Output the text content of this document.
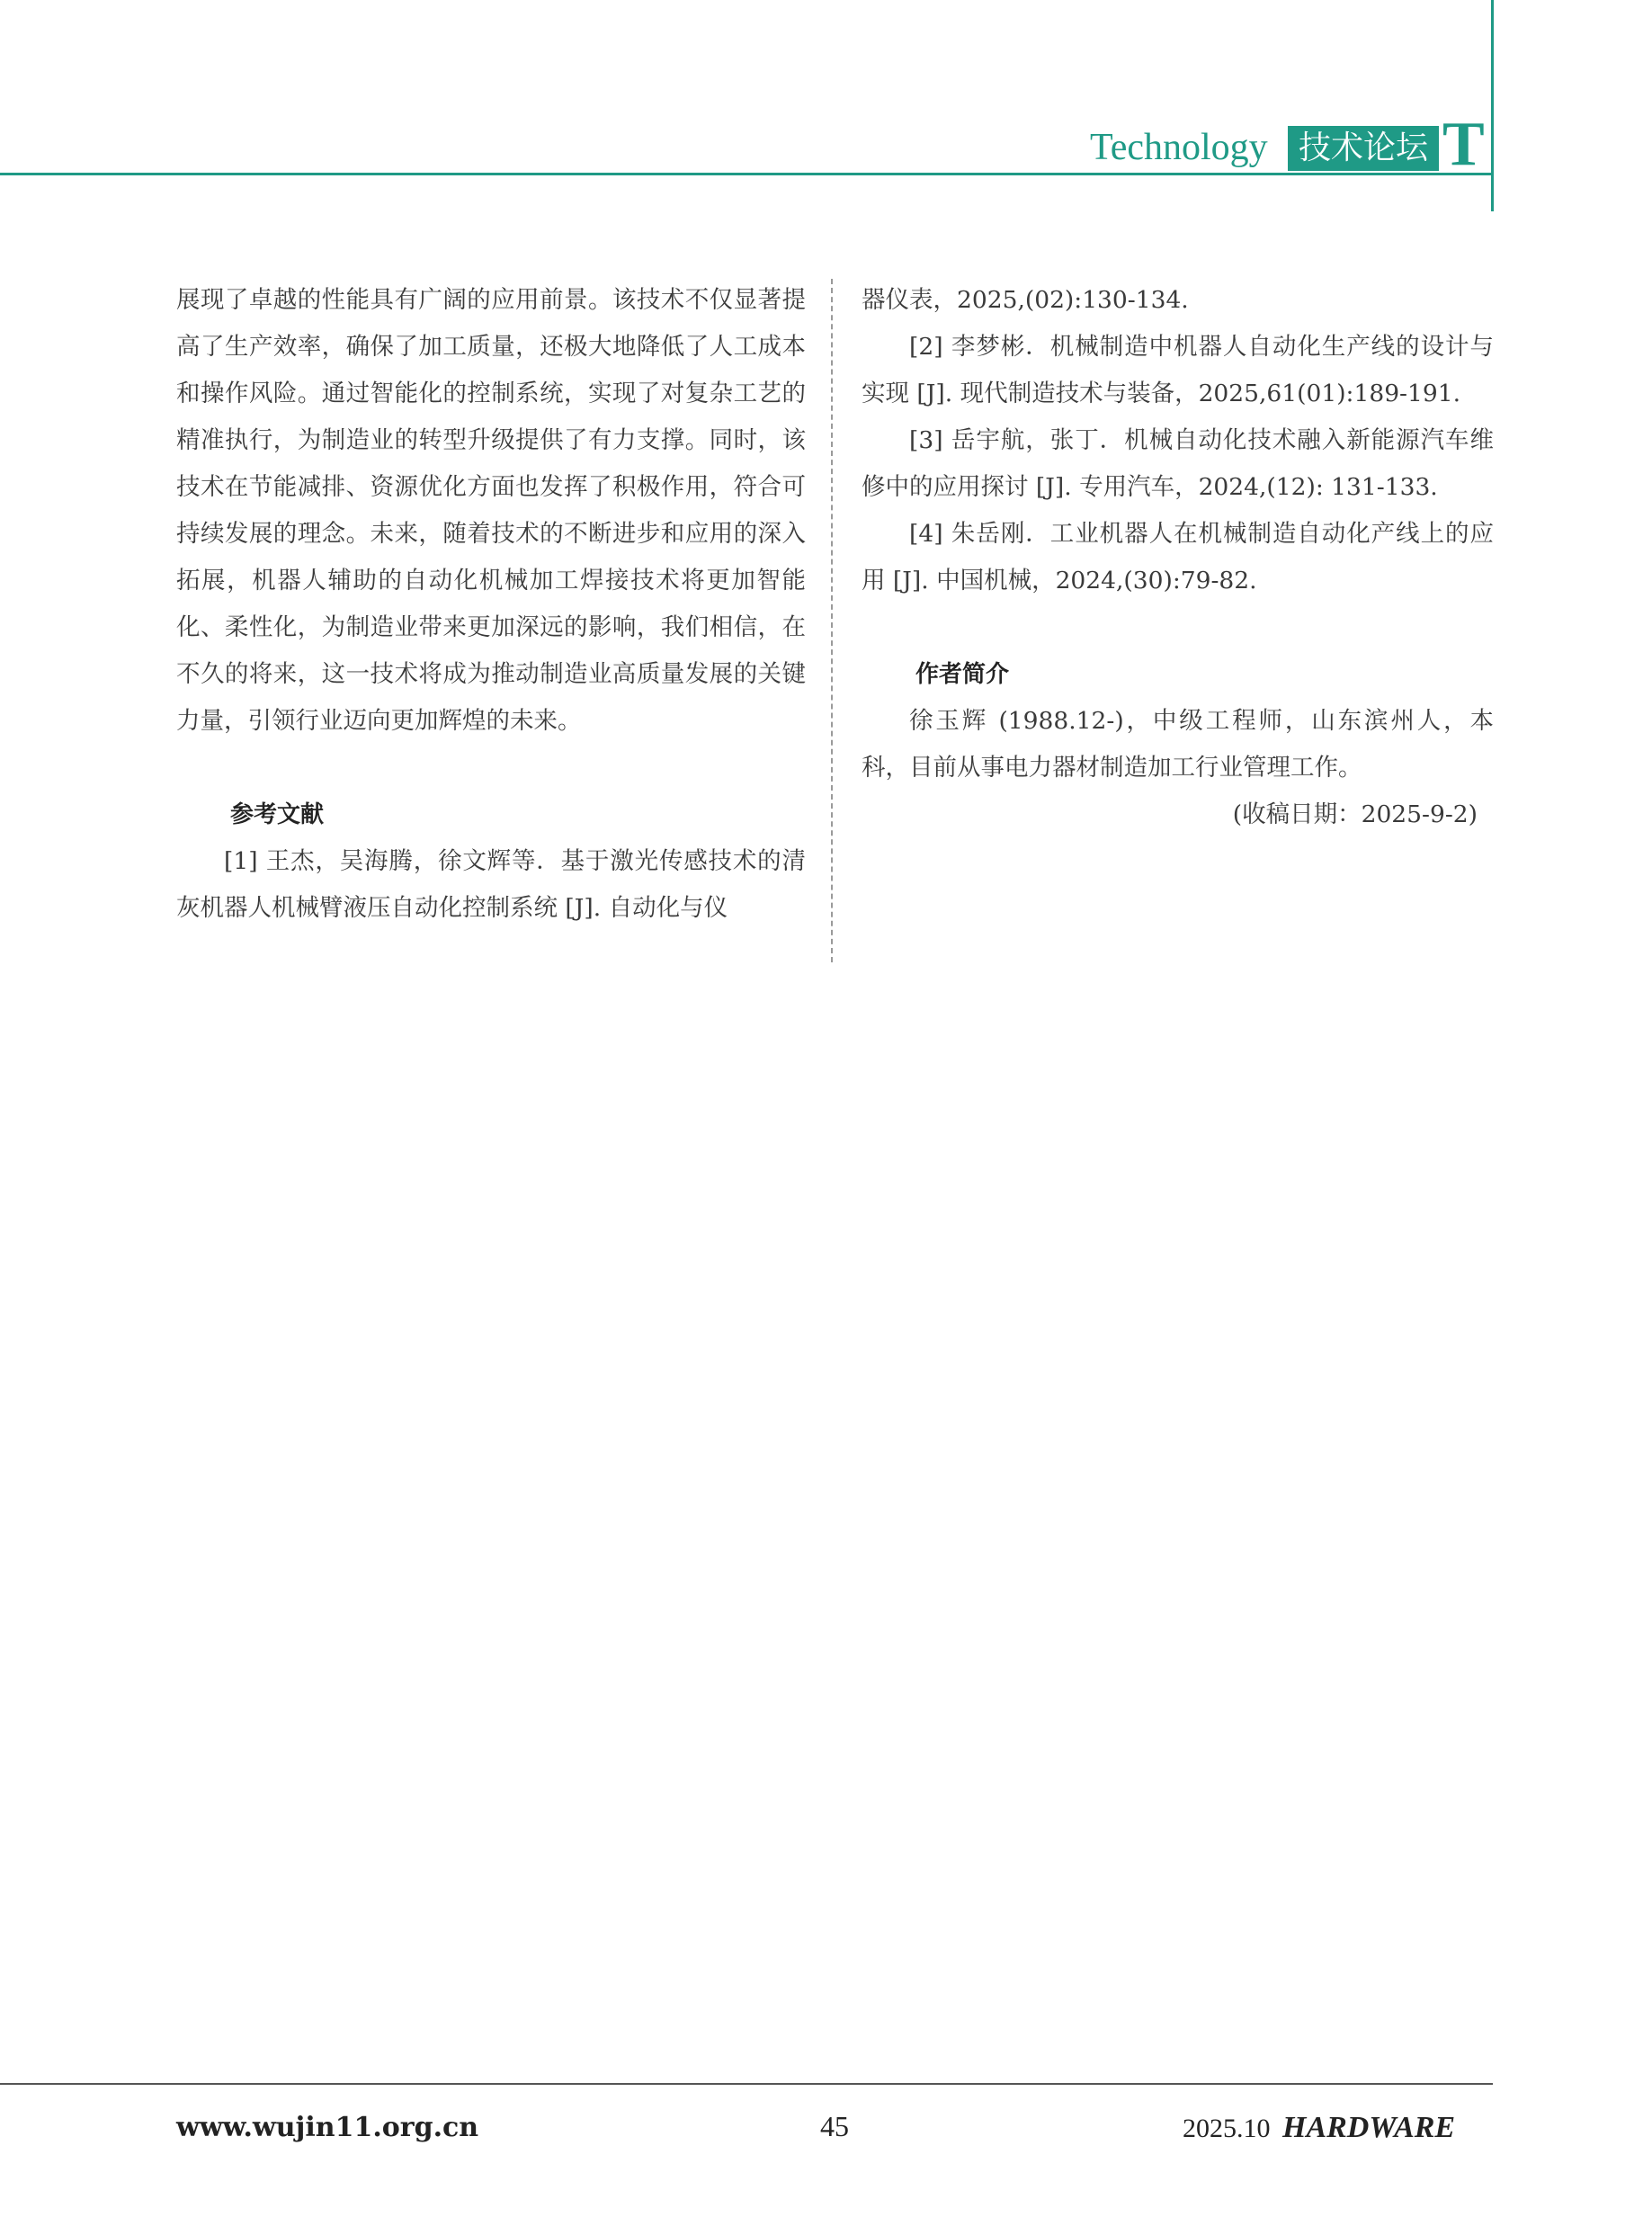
Technology 技术论坛 T

展现了卓越的性能具有广阔的应用前景。该技术不仅显著提高了生产效率，确保了加工质量，还极大地降低了人工成本和操作风险。通过智能化的控制系统，实现了对复杂工艺的精准执行，为制造业的转型升级提供了有力支撑。同时，该技术在节能减排、资源优化方面也发挥了积极作用，符合可持续发展的理念。未来，随着技术的不断进步和应用的深入拓展，机器人辅助的自动化机械加工焊接技术将更加智能化、柔性化，为制造业带来更加深远的影响，我们相信，在不久的将来，这一技术将成为推动制造业高质量发展的关键力量，引领行业迈向更加辉煌的未来。

参考文献

[1] 王杰，吴海腾，徐文辉等．基于激光传感技术的清灰机器人机械臂液压自动化控制系统 [J]. 自动化与仪

器仪表，2025,(02):130-134.

[2] 李梦彬．机械制造中机器人自动化生产线的设计与实现 [J]. 现代制造技术与装备，2025,61(01):189-191.

[3] 岳宇航，张丁．机械自动化技术融入新能源汽车维修中的应用探讨 [J]. 专用汽车，2024,(12): 131-133.

[4] 朱岳刚．工业机器人在机械制造自动化产线上的应用 [J]. 中国机械，2024,(30):79-82.

作者简介

徐玉辉 (1988.12-)，中级工程师，山东滨州人，本科，目前从事电力器材制造加工行业管理工作。

(收稿日期：2025-9-2)

www.wujin11.org.cn	45	2025.10 HARDWARE
